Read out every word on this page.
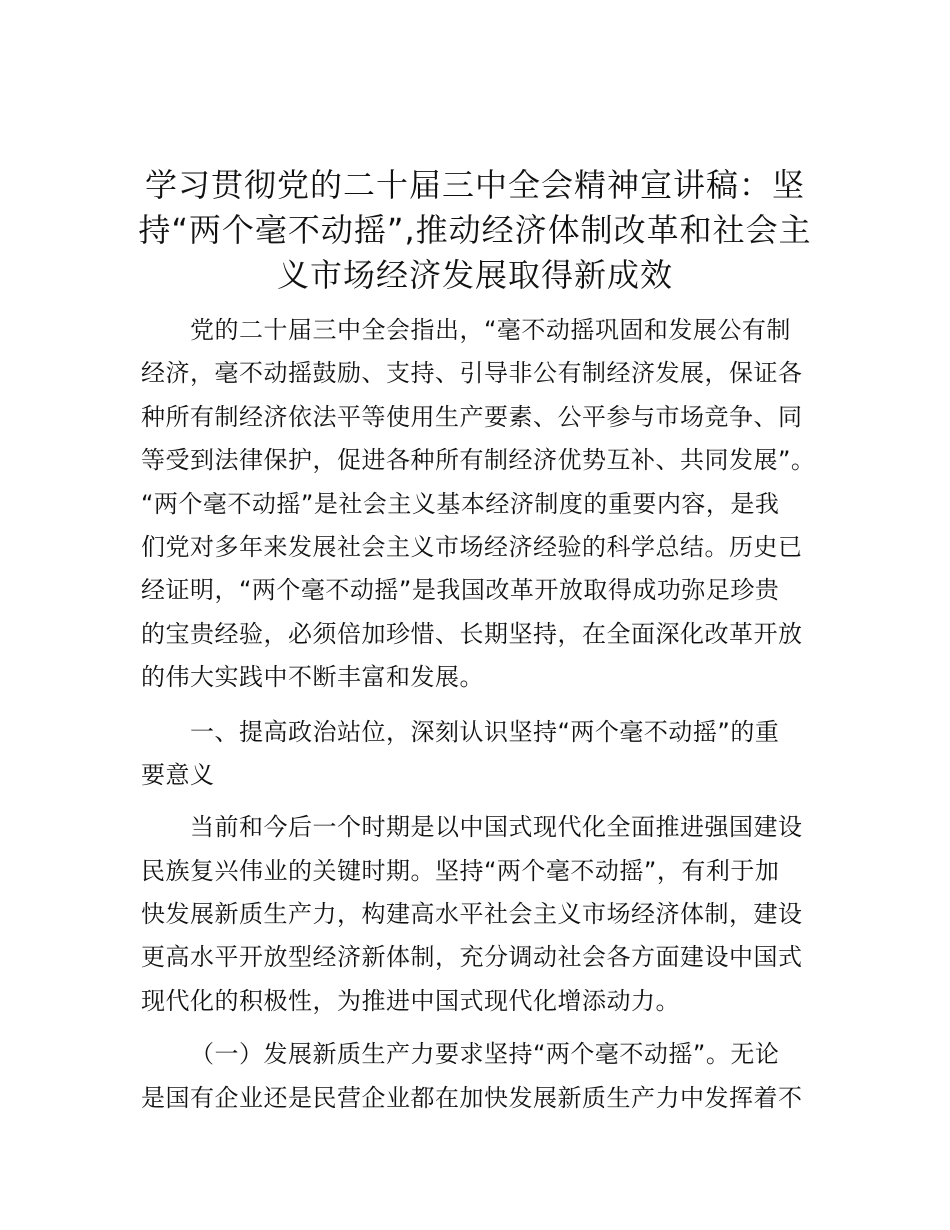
学习贯彻党的二十届三中全会精神宣讲稿：坚
持“两个毫不动摇”,推动经济体制改革和社会主
义市场经济发展取得新成效
党的二十届三中全会指出，“毫不动摇巩固和发展公有制
经济，毫不动摇鼓励、支持、引导非公有制经济发展，保证各
种所有制经济依法平等使用生产要素、公平参与市场竞争、同
等受到法律保护，促进各种所有制经济优势互补、共同发展”。
“两个毫不动摇”是社会主义基本经济制度的重要内容，是我
们党对多年来发展社会主义市场经济经验的科学总结。历史已
经证明，“两个毫不动摇”是我国改革开放取得成功弥足珍贵
的宝贵经验，必须倍加珍惜、长期坚持，在全面深化改革开放
的伟大实践中不断丰富和发展。
一、提高政治站位，深刻认识坚持“两个毫不动摇”的重
要意义
当前和今后一个时期是以中国式现代化全面推进强国建设
民族复兴伟业的关键时期。坚持“两个毫不动摇”，有利于加
快发展新质生产力，构建高水平社会主义市场经济体制，建设
更高水平开放型经济新体制，充分调动社会各方面建设中国式
现代化的积极性，为推进中国式现代化增添动力。
（一）发展新质生产力要求坚持“两个毫不动摇”。无论
是国有企业还是民营企业都在加快发展新质生产力中发挥着不
